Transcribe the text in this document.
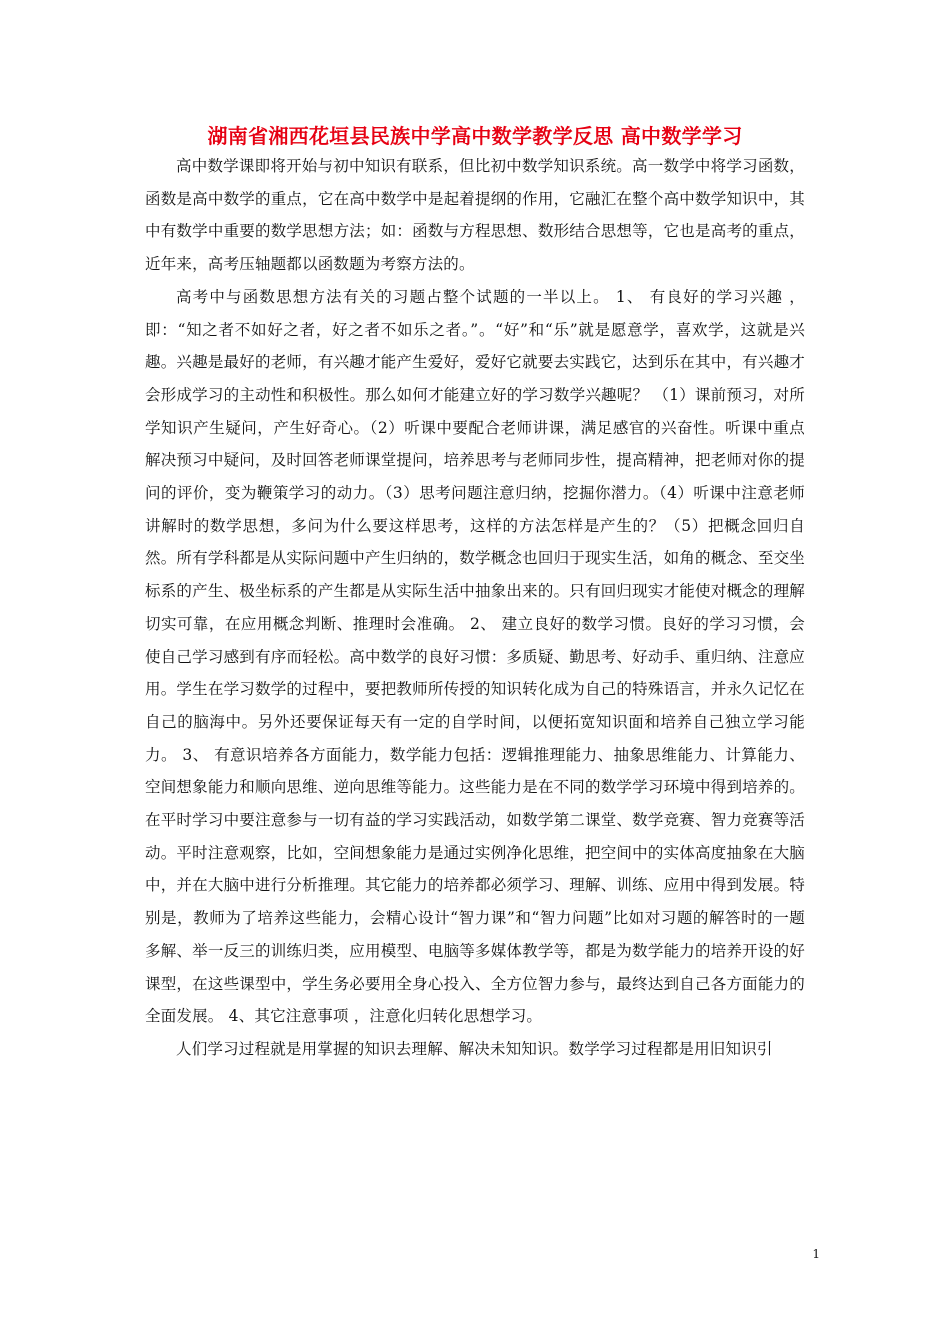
湖南省湘西花垣县民族中学高中数学教学反思 高中数学学习

高中数学课即将开始与初中知识有联系，但比初中数学知识系统。高一数学中将学习函数，函数是高中数学的重点，它在高中数学中是起着提纲的作用，它融汇在整个高中数学知识中，其中有数学中重要的数学思想方法；如：函数与方程思想、数形结合思想等，它也是高考的重点，近年来，高考压轴题都以函数题为考察方法的。

高考中与函数思想方法有关的习题占整个试题的一半以上。 1、 有良好的学习兴趣 ，即：“知之者不如好之者，好之者不如乐之者。”。“好”和“乐”就是愿意学，喜欢学，这就是兴趣。兴趣是最好的老师，有兴趣才能产生爱好，爱好它就要去实践它，达到乐在其中，有兴趣才会形成学习的主动性和积极性。那么如何才能建立好的学习数学兴趣呢？ （1）课前预习，对所学知识产生疑问，产生好奇心。（2）听课中要配合老师讲课，满足感官的兴奋性。听课中重点解决预习中疑问，及时回答老师课堂提问，培养思考与老师同步性，提高精神，把老师对你的提问的评价，变为鞭策学习的动力。（3）思考问题注意归纳，挖掘你潜力。（4）听课中注意老师讲解时的数学思想，多问为什么要这样思考，这样的方法怎样是产生的？（5）把概念回归自然。所有学科都是从实际问题中产生归纳的，数学概念也回归于现实生活，如角的概念、至交坐标系的产生、极坐标系的产生都是从实际生活中抽象出来的。只有回归现实才能使对概念的理解切实可靠，在应用概念判断、推理时会准确。 2、 建立良好的数学习惯。良好的学习习惯，会使自己学习感到有序而轻松。高中数学的良好习惯：多质疑、勤思考、好动手、重归纳、注意应用。学生在学习数学的过程中，要把教师所传授的知识转化成为自己的特殊语言，并永久记忆在自己的脑海中。另外还要保证每天有一定的自学时间，以便拓宽知识面和培养自己独立学习能力。 3、 有意识培养各方面能力，数学能力包括：逻辑推理能力、抽象思维能力、计算能力、空间想象能力和顺向思维、逆向思维等能力。这些能力是在不同的数学学习环境中得到培养的。在平时学习中要注意参与一切有益的学习实践活动，如数学第二课堂、数学竞赛、智力竞赛等活动。平时注意观察，比如，空间想象能力是通过实例净化思维，把空间中的实体高度抽象在大脑中，并在大脑中进行分析推理。其它能力的培养都必须学习、理解、训练、应用中得到发展。特别是，教师为了培养这些能力，会精心设计“智力课”和“智力问题”比如对习题的解答时的一题多解、举一反三的训练归类，应用模型、电脑等多媒体教学等，都是为数学能力的培养开设的好课型，在这些课型中，学生务必要用全身心投入、全方位智力参与，最终达到自己各方面能力的全面发展。 4、其它注意事项 ，注意化归转化思想学习。

人们学习过程就是用掌握的知识去理解、解决未知知识。数学学习过程都是用旧知识引

1
